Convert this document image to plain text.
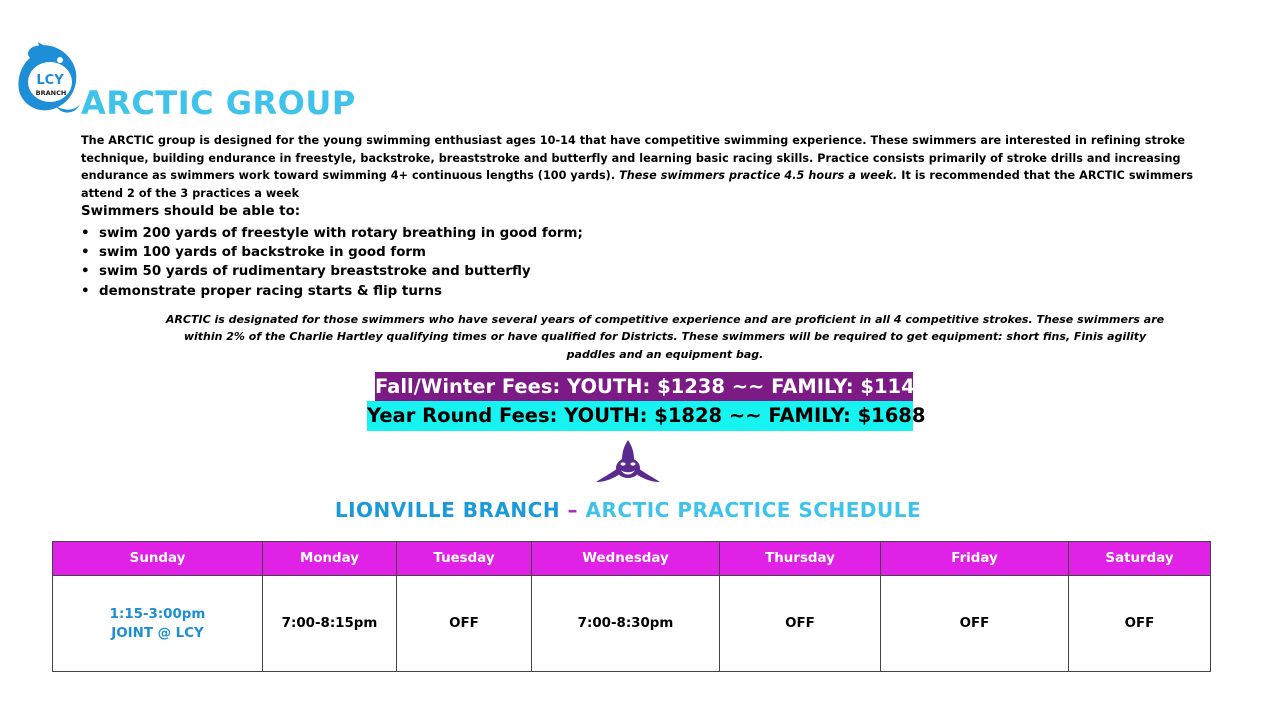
LCY
BRANCH ARCTIC GROUP

The ARCTIC group is designed for the young swimming enthusiast ages 10-14 that have competitive swimming experience. These swimmers are interested in refining stroke technique, building endurance in freestyle, backstroke, breaststroke and butterfly and learning basic racing skills. Practice consists primarily of stroke drills and increasing endurance as swimmers work toward swimming 4+ continuous lengths (100 yards). These swimmers practice 4.5 hours a week. It is recommended that the ARCTIC swimmers attend 2 of the 3 practices a week

Swimmers should be able to:

• swim 200 yards of freestyle with rotary breathing in good form;
• swim 100 yards of backstroke in good form
• swim 50 yards of rudimentary breaststroke and butterfly
• demonstrate proper racing starts & flip turns

ARCTIC is designated for those swimmers who have several years of competitive experience and are proficient in all 4 competitive strokes. These swimmers are within 2% of the Charlie Hartley qualifying times or have qualified for Districts. These swimmers will be required to get equipment: short fins, Finis agility paddles and an equipment bag.

Fall/Winter Fees: YOUTH: $1238 ~~ FAMILY: $1148
Year Round Fees: YOUTH: $1828 ~~ FAMILY: $1688
LIONVILLE BRANCH – ARCTIC PRACTICE SCHEDULE
Sunday	Monday	Tuesday	Wednesday	Thursday	Friday	Saturday

1:15-3:00pm
JOINT @ LCY	7:00-8:15pm	OFF	7:00-8:30pm	OFF	OFF	OFF
